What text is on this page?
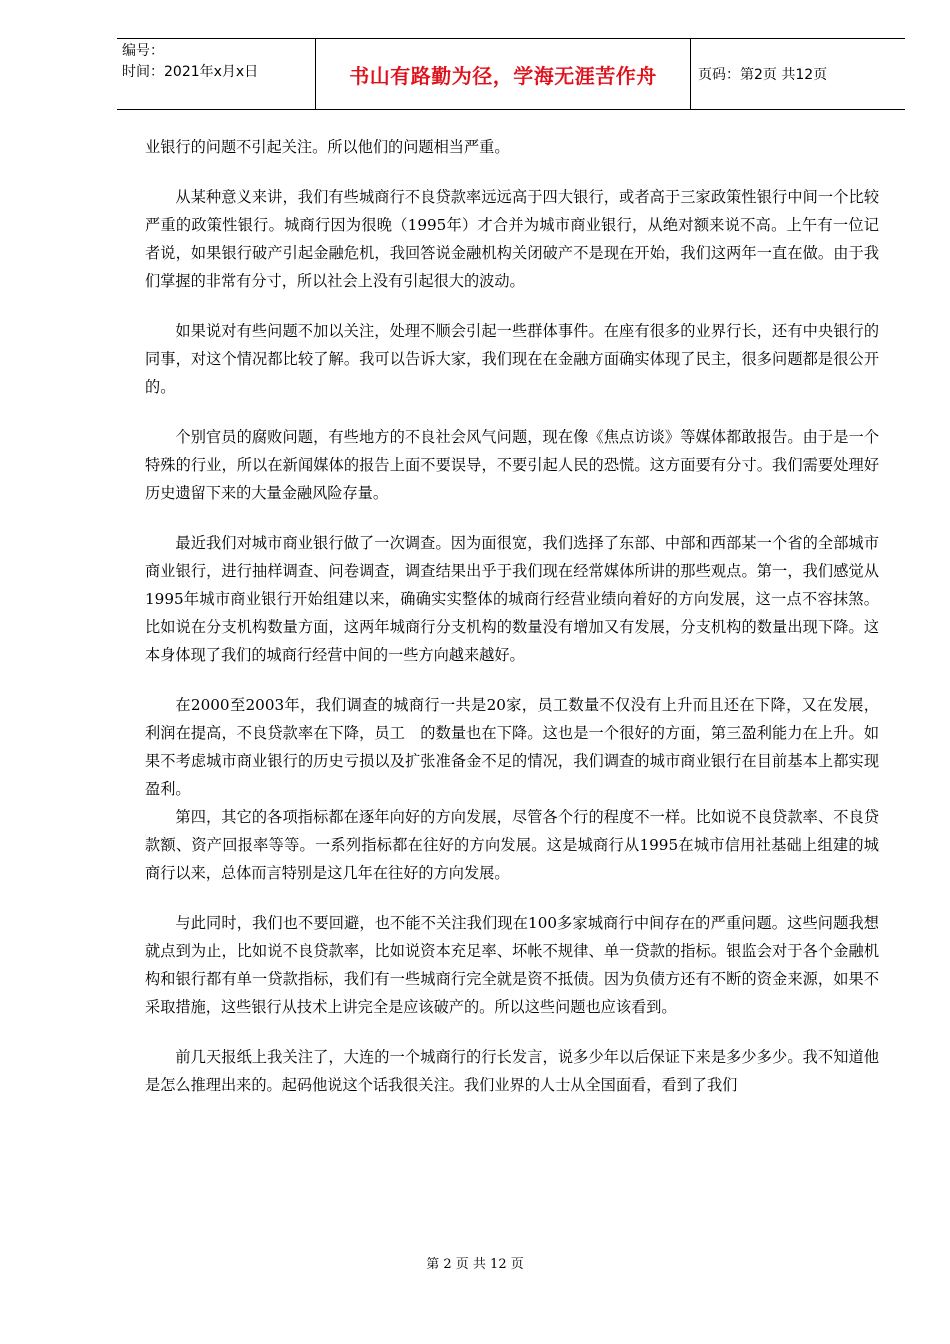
编号：
时间：2021年x月x日	书山有路勤为径，学海无涯苦作舟	页码：第2页 共12页

业银行的问题不引起关注。所以他们的问题相当严重。

从某种意义来讲，我们有些城商行不良贷款率远远高于四大银行，或者高于三家政策性银行中间一个比较严重的政策性银行。城商行因为很晚（1995年）才合并为城市商业银行，从绝对额来说不高。上午有一位记者说，如果银行破产引起金融危机，我回答说金融机构关闭破产不是现在开始，我们这两年一直在做。由于我们掌握的非常有分寸，所以社会上没有引起很大的波动。

如果说对有些问题不加以关注，处理不顺会引起一些群体事件。在座有很多的业界行长，还有中央银行的同事，对这个情况都比较了解。我可以告诉大家，我们现在在金融方面确实体现了民主，很多问题都是很公开的。

个别官员的腐败问题，有些地方的不良社会风气问题，现在像《焦点访谈》等媒体都敢报告。由于是一个特殊的行业，所以在新闻媒体的报告上面不要误导，不要引起人民的恐慌。这方面要有分寸。我们需要处理好历史遗留下来的大量金融风险存量。

最近我们对城市商业银行做了一次调查。因为面很宽，我们选择了东部、中部和西部某一个省的全部城市商业银行，进行抽样调查、问卷调查，调查结果出乎于我们现在经常媒体所讲的那些观点。第一，我们感觉从1995年城市商业银行开始组建以来，确确实实整体的城商行经营业绩向着好的方向发展，这一点不容抹煞。比如说在分支机构数量方面，这两年城商行分支机构的数量没有增加又有发展，分支机构的数量出现下降。这本身体现了我们的城商行经营中间的一些方向越来越好。

在2000至2003年，我们调查的城商行一共是20家，员工数量不仅没有上升而且还在下降，又在发展，利润在提高，不良贷款率在下降，员工　的数量也在下降。这也是一个很好的方面，第三盈利能力在上升。如果不考虑城市商业银行的历史亏损以及扩张准备金不足的情况，我们调查的城市商业银行在目前基本上都实现盈利。

第四，其它的各项指标都在逐年向好的方向发展，尽管各个行的程度不一样。比如说不良贷款率、不良贷款额、资产回报率等等。一系列指标都在往好的方向发展。这是城商行从1995在城市信用社基础上组建的城商行以来，总体而言特别是这几年在往好的方向发展。

与此同时，我们也不要回避，也不能不关注我们现在100多家城商行中间存在的严重问题。这些问题我想就点到为止，比如说不良贷款率，比如说资本充足率、坏帐不规律、单一贷款的指标。银监会对于各个金融机构和银行都有单一贷款指标，我们有一些城商行完全就是资不抵债。因为负债方还有不断的资金来源，如果不采取措施，这些银行从技术上讲完全是应该破产的。所以这些问题也应该看到。

前几天报纸上我关注了，大连的一个城商行的行长发言，说多少年以后保证下来是多少多少。我不知道他是怎么推理出来的。起码他说这个话我很关注。我们业界的人士从全国面看，看到了我们

第 2 页 共 12 页
